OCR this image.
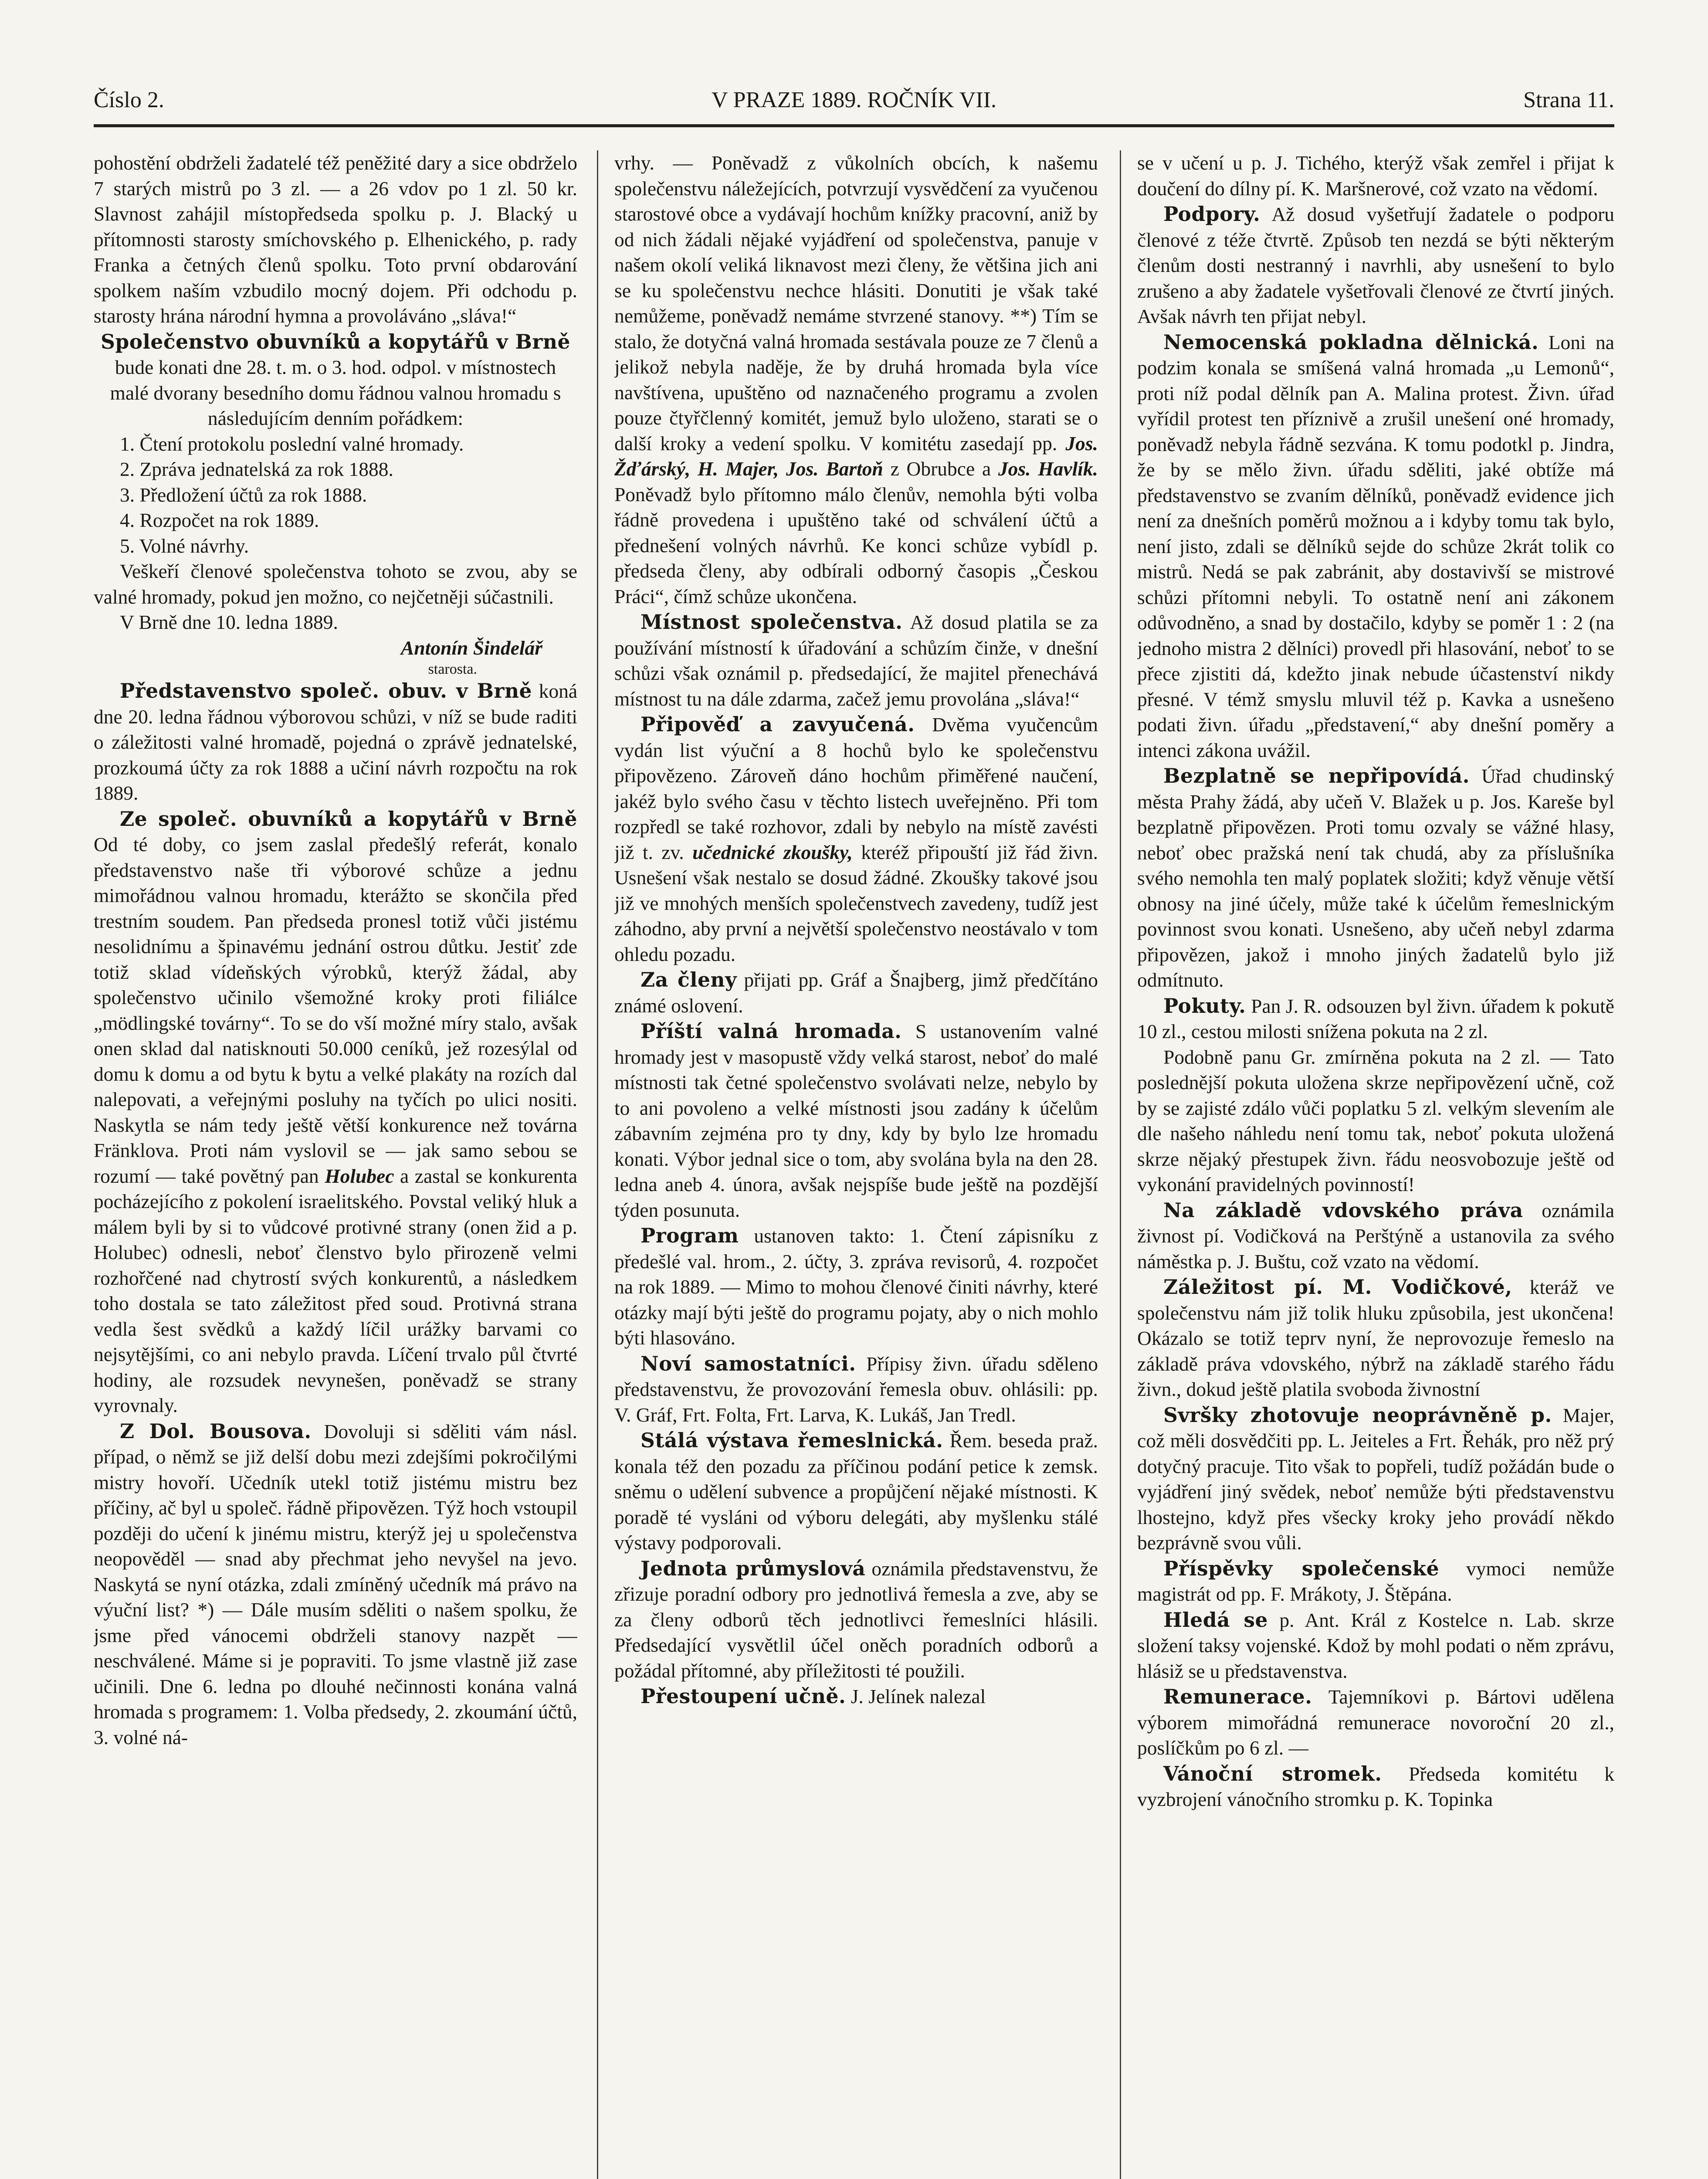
Číslo 2.	V PRAZE 1889. ROČNÍK VII.	Strana 11.

pohostění obdrželi žadatelé též peněžité dary a sice obdrželo 7 starých mistrů po 3 zl. — a 26 vdov po 1 zl. 50 kr. Slavnost zahájil místopředseda spolku p. J. Blacký u přítomnosti starosty smíchovského p. Elhenického, p. rady Franka a četných členů spolku. Toto první obdarování spolkem naším vzbudilo mocný dojem. Při odchodu p. starosty hrána národní hymna a provoláváno „sláva!“

Společenstvo obuvníků a kopytářů v Brně bude konati dne 28. t. m. o 3. hod. odpol. v místnostech malé dvorany besedního domu řádnou valnou hromadu s následujícím denním pořádkem:

1. Čtení protokolu poslední valné hromady.

2. Zpráva jednatelská za rok 1888.

3. Předložení účtů za rok 1888.

4. Rozpočet na rok 1889.

5. Volné návrhy.

Veškeří členové společenstva tohoto se zvou, aby se valné hromady, pokud jen možno, co nejčetněji súčastnili.

V Brně dne 10. ledna 1889.

Antonín Šindelář

starosta.

Představenstvo společ. obuv. v Brně koná dne 20. ledna řádnou výborovou schůzi, v níž se bude raditi o záležitosti valné hromadě, pojedná o zprávě jednatelské, prozkoumá účty za rok 1888 a učiní návrh rozpočtu na rok 1889.

Ze společ. obuvníků a kopytářů v Brně Od té doby, co jsem zaslal předešlý referát, konalo představenstvo naše tři výborové schůze a jednu mimořádnou valnou hromadu, kterážto se skončila před trestním soudem. Pan předseda pronesl totiž vůči jistému nesolidnímu a špinavému jednání ostrou důtku. Jestiť zde totiž sklad vídeňských výrobků, kterýž žádal, aby společenstvo učinilo všemožné kroky proti filiálce „mödlingské továrny“. To se do vší možné míry stalo, avšak onen sklad dal natisknouti 50.000 ceníků, jež rozesýlal od domu k domu a od bytu k bytu a velké plakáty na rozích dal nalepovati, a veřejnými posluhy na tyčích po ulici nositi. Naskytla se nám tedy ještě větší konkurence než továrna Fränklova. Proti nám vyslovil se — jak samo sebou se rozumí — také povětný pan Holubec a zastal se konkurenta pocházejícího z pokolení israelitského. Povstal veliký hluk a málem byli by si to vůdcové protivné strany (onen žid a p. Holubec) odnesli, neboť členstvo bylo přirozeně velmi rozhořčené nad chytrostí svých konkurentů, a následkem toho dostala se tato záležitost před soud. Protivná strana vedla šest svědků a každý líčil urážky barvami co nejsytějšími, co ani nebylo pravda. Líčení trvalo půl čtvrté hodiny, ale rozsudek nevynešen, poněvadž se strany vyrovnaly.

Z Dol. Bousova. Dovoluji si sděliti vám násl. případ, o němž se již delší dobu mezi zdejšími pokročilými mistry hovoří. Učedník utekl totiž jistému mistru bez příčiny, ač byl u společ. řádně připovězen. Týž hoch vstoupil později do učení k jinému mistru, kterýž jej u společenstva neopověděl — snad aby přechmat jeho nevyšel na jevo. Naskytá se nyní otázka, zdali zmíněný učedník má právo na výuční list? *) — Dále musím sděliti o našem spolku, že jsme před vánocemi obdrželi stanovy nazpět — neschválené. Máme si je popraviti. To jsme vlastně již zase učinili. Dne 6. ledna po dlouhé nečinnosti konána valná hromada s programem: 1. Volba předsedy, 2. zkoumání účtů, 3. volné ná-

vrhy. — Poněvadž z vůkolních obcích, k našemu společenstvu náležejících, potvrzují vysvědčení za vyučenou starostové obce a vydávají hochům knížky pracovní, aniž by od nich žádali nějaké vyjádření od společenstva, panuje v našem okolí veliká liknavost mezi členy, že většina jich ani se ku společenstvu nechce hlásiti. Donutiti je však také nemůžeme, poněvadž nemáme stvrzené stanovy. **) Tím se stalo, že dotyčná valná hromada sestávala pouze ze 7 členů a jelikož nebyla naděje, že by druhá hromada byla více navštívena, upuštěno od naznačeného programu a zvolen pouze čtyřčlenný komitét, jemuž bylo uloženo, starati se o další kroky a vedení spolku. V komitétu zasedají pp. Jos. Žďárský, H. Majer, Jos. Bartoň z Obrubce a Jos. Havlík. Poněvadž bylo přítomno málo členův, nemohla býti volba řádně provedena i upuštěno také od schválení účtů a přednešení volných návrhů. Ke konci schůze vybídl p. předseda členy, aby odbírali odborný časopis „Českou Práci“, čímž schůze ukončena.

Místnost společenstva. Až dosud platila se za používání místností k úřadování a schůzím činže, v dnešní schůzi však oznámil p. předsedající, že majitel přenechává místnost tu na dále zdarma, začež jemu provolána „sláva!“

Připověď a zavyučená. Dvěma vyučencům vydán list výuční a 8 hochů bylo ke společenstvu připovězeno. Zároveň dáno hochům přiměřené naučení, jakéž bylo svého času v těchto listech uveřejněno. Při tom rozpředl se také rozhovor, zdali by nebylo na místě zavésti již t. zv. učednické zkoušky, kteréž připouští již řád živn. Usnešení však nestalo se dosud žádné. Zkoušky takové jsou již ve mnohých menších společenstvech zavedeny, tudíž jest záhodno, aby první a největší společenstvo neostávalo v tom ohledu pozadu.

Za členy přijati pp. Gráf a Šnajberg, jimž předčítáno známé oslovení.

Příští valná hromada. S ustanovením valné hromady jest v masopustě vždy velká starost, neboť do malé místnosti tak četné společenstvo svolávati nelze, nebylo by to ani povoleno a velké místnosti jsou zadány k účelům zábavním zejména pro ty dny, kdy by bylo lze hromadu konati. Výbor jednal sice o tom, aby svolána byla na den 28. ledna aneb 4. února, avšak nejspíše bude ještě na pozdější týden posunuta.

Program ustanoven takto: 1. Čtení zápisníku z předešlé val. hrom., 2. účty, 3. zpráva revisorů, 4. rozpočet na rok 1889. — Mimo to mohou členové činiti návrhy, které otázky mají býti ještě do programu pojaty, aby o nich mohlo býti hlasováno.

Noví samostatníci. Přípisy živn. úřadu sděleno představenstvu, že provozování řemesla obuv. ohlásili: pp. V. Gráf, Frt. Folta, Frt. Larva, K. Lukáš, Jan Tredl.

Stálá výstava řemeslnická. Řem. beseda praž. konala též den pozadu za příčinou podání petice k zemsk. sněmu o udělení subvence a propůjčení nějaké místnosti. K poradě té vysláni od výboru delegáti, aby myšlenku stálé výstavy podporovali.

Jednota průmyslová oznámila představenstvu, že zřizuje poradní odbory pro jednotlivá řemesla a zve, aby se za členy odborů těch jednotlivci řemeslníci hlásili. Předsedající vysvětlil účel oněch poradních odborů a požádal přítomné, aby příležitosti té použili.

Přestoupení učně. J. Jelínek nalezal

se v učení u p. J. Tichého, kterýž však zemřel i přijat k doučení do dílny pí. K. Maršnerové, což vzato na vědomí.

Podpory. Až dosud vyšetřují žadatele o podporu členové z téže čtvrtě. Způsob ten nezdá se býti některým členům dosti nestranný i navrhli, aby usnešení to bylo zrušeno a aby žadatele vyšetřovali členové ze čtvrtí jiných. Avšak návrh ten přijat nebyl.

Nemocenská pokladna dělnická. Loni na podzim konala se smíšená valná hromada „u Lemonů“, proti níž podal dělník pan A. Malina protest. Živn. úřad vyřídil protest ten příznivě a zrušil unešení oné hromady, poněvadž nebyla řádně sezvána. K tomu podotkl p. Jindra, že by se mělo živn. úřadu sděliti, jaké obtíže má představenstvo se zvaním dělníků, poněvadž evidence jich není za dnešních poměrů možnou a i kdyby tomu tak bylo, není jisto, zdali se dělníků sejde do schůze 2krát tolik co mistrů. Nedá se pak zabránit, aby dostavivší se mistrové schůzi přítomni nebyli. To ostatně není ani zákonem odůvodněno, a snad by dostačilo, kdyby se poměr 1 : 2 (na jednoho mistra 2 dělníci) provedl při hlasování, neboť to se přece zjistiti dá, kdežto jinak nebude účastenství nikdy přesné. V témž smyslu mluvil též p. Kavka a usnešeno podati živn. úřadu „představení,“ aby dnešní poměry a intenci zákona uvážil.

Bezplatně se nepřipovídá. Úřad chudinský města Prahy žádá, aby učeň V. Blažek u p. Jos. Kareše byl bezplatně připovězen. Proti tomu ozvaly se vážné hlasy, neboť obec pražská není tak chudá, aby za příslušníka svého nemohla ten malý poplatek složiti; když věnuje větší obnosy na jiné účely, může také k účelům řemeslnickým povinnost svou konati. Usnešeno, aby učeň nebyl zdarma připovězen, jakož i mnoho jiných žadatelů bylo již odmítnuto.

Pokuty. Pan J. R. odsouzen byl živn. úřadem k pokutě 10 zl., cestou milosti snížena pokuta na 2 zl.

Podobně panu Gr. zmírněna pokuta na 2 zl. — Tato poslednější pokuta uložena skrze nepřipovězení učně, což by se zajisté zdálo vůči poplatku 5 zl. velkým slevením ale dle našeho náhledu není tomu tak, neboť pokuta uložená skrze nějaký přestupek živn. řádu neosvobozuje ještě od vykonání pravidelných povinností!

Na základě vdovského práva oznámila živnost pí. Vodičková na Perštýně a ustanovila za svého náměstka p. J. Buštu, což vzato na vědomí.

Záležitost pí. M. Vodičkové, kteráž ve společenstvu nám již tolik hluku způsobila, jest ukončena! Okázalo se totiž teprv nyní, že neprovozuje řemeslo na základě práva vdovského, nýbrž na základě starého řádu živn., dokud ještě platila svoboda živnostní

Svršky zhotovuje neoprávněně p. Majer, což měli dosvědčiti pp. L. Jeiteles a Frt. Řehák, pro něž prý dotyčný pracuje. Tito však to popřeli, tudíž požádán bude o vyjádření jiný svědek, neboť nemůže býti představenstvu lhostejno, když přes všecky kroky jeho provádí někdo bezprávně svou vůli.

Příspěvky společenské vymoci nemůže magistrát od pp. F. Mrákoty, J. Štěpána.

Hledá se p. Ant. Král z Kostelce n. Lab. skrze složení taksy vojenské. Kdož by mohl podati o něm zprávu, hlásiž se u představenstva.

Remunerace. Tajemníkovi p. Bártovi udělena výborem mimořádná remunerace novoroční 20 zl., poslíčkům po 6 zl. —

Vánoční stromek. Předseda komitétu k vyzbrojení vánočního stromku p. K. Topinka
